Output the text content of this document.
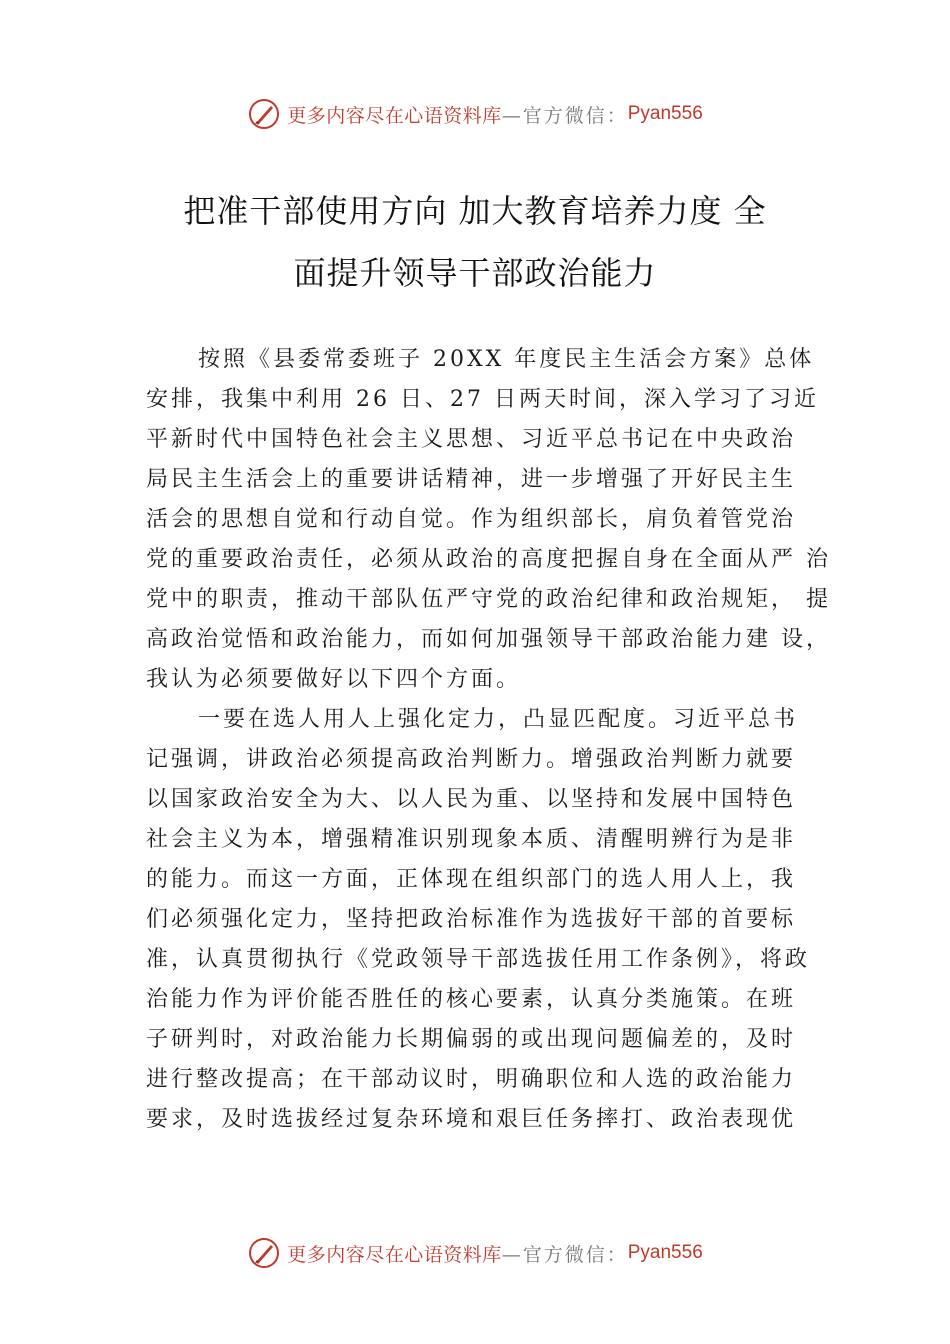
更多内容尽在心语资料库 —官方微信： Pyan556
把准干部使用方向 加大教育培养力度 全
面提升领导干部政治能力
按照《县委常委班子 20XX 年度民主生活会方案》总体
安排，我集中利用 26 日、27 日两天时间，深入学习了习近
平新时代中国特色社会主义思想、习近平总书记在中央政治
局民主生活会上的重要讲话精神，进一步增强了开好民主生
活会的思想自觉和行动自觉。作为组织部长，肩负着管党治
党的重要政治责任，必须从政治的高度把握自身在全面从严 治
党中的职责，推动干部队伍严守党的政治纪律和政治规矩， 提
高政治觉悟和政治能力，而如何加强领导干部政治能力建 设，
我认为必须要做好以下四个方面。
一要在选人用人上强化定力，凸显匹配度。习近平总书
记强调，讲政治必须提高政治判断力。增强政治判断力就要
以国家政治安全为大、以人民为重、以坚持和发展中国特色
社会主义为本，增强精准识别现象本质、清醒明辨行为是非
的能力。而这一方面，正体现在组织部门的选人用人上，我
们必须强化定力，坚持把政治标准作为选拔好干部的首要标
准，认真贯彻执行《党政领导干部选拔任用工作条例》，将政
治能力作为评价能否胜任的核心要素，认真分类施策。在班
子研判时，对政治能力长期偏弱的或出现问题偏差的，及时
进行整改提高；在干部动议时，明确职位和人选的政治能力
要求，及时选拔经过复杂环境和艰巨任务摔打、政治表现优
更多内容尽在心语资料库 —官方微信： Pyan556
